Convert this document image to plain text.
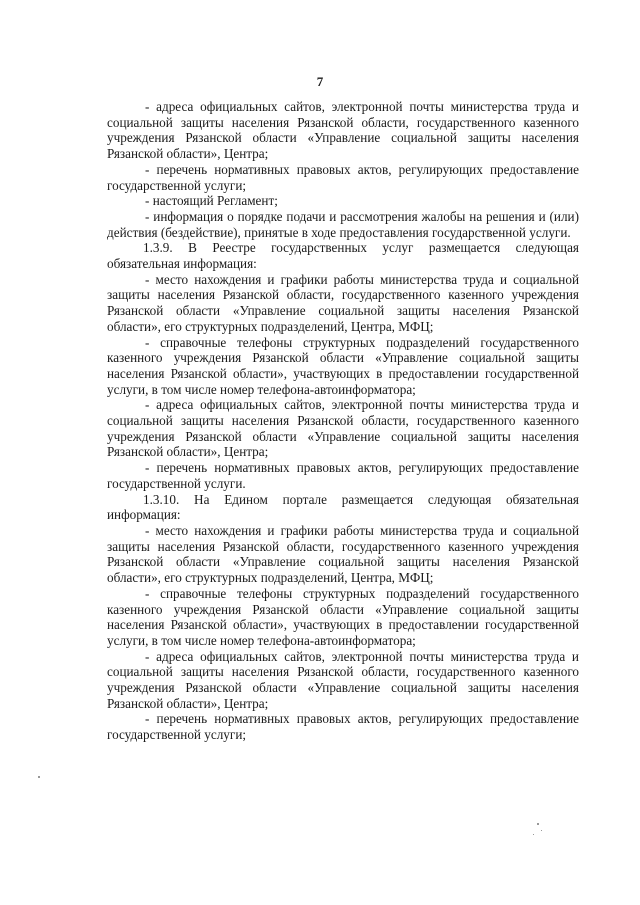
7

- адреса официальных сайтов, электронной почты министерства труда и социальной защиты населения Рязанской области, государственного казенного учреждения Рязанской области «Управление социальной защиты населения Рязанской области», Центра;

- перечень нормативных правовых актов, регулирующих предоставление государственной услуги;

- настоящий Регламент;

- информация о порядке подачи и рассмотрения жалобы на решения и (или) действия (бездействие), принятые в ходе предоставления государственной услуги.

1.3.9. В Реестре государственных услуг размещается следующая обязательная информация:

- место нахождения и графики работы министерства труда и социальной защиты населения Рязанской области, государственного казенного учреждения Рязанской области «Управление социальной защиты населения Рязанской области», его структурных подразделений, Центра, МФЦ;

- справочные телефоны структурных подразделений государственного казенного учреждения Рязанской области «Управление социальной защиты населения Рязанской области», участвующих в предоставлении государственной услуги, в том числе номер телефона-автоинформатора;

- адреса официальных сайтов, электронной почты министерства труда и социальной защиты населения Рязанской области, государственного казенного учреждения Рязанской области «Управление социальной защиты населения Рязанской области», Центра;

- перечень нормативных правовых актов, регулирующих предоставление государственной услуги.

1.3.10. На Едином портале размещается следующая обязательная информация:

- место нахождения и графики работы министерства труда и социальной защиты населения Рязанской области, государственного казенного учреждения Рязанской области «Управление социальной защиты населения Рязанской области», его структурных подразделений, Центра, МФЦ;

- справочные телефоны структурных подразделений государственного казенного учреждения Рязанской области «Управление социальной защиты населения Рязанской области», участвующих в предоставлении государственной услуги, в том числе номер телефона-автоинформатора;

- адреса официальных сайтов, электронной почты министерства труда и социальной защиты населения Рязанской области, государственного казенного учреждения Рязанской области «Управление социальной защиты населения Рязанской области», Центра;

- перечень нормативных правовых актов, регулирующих предоставление государственной услуги;
